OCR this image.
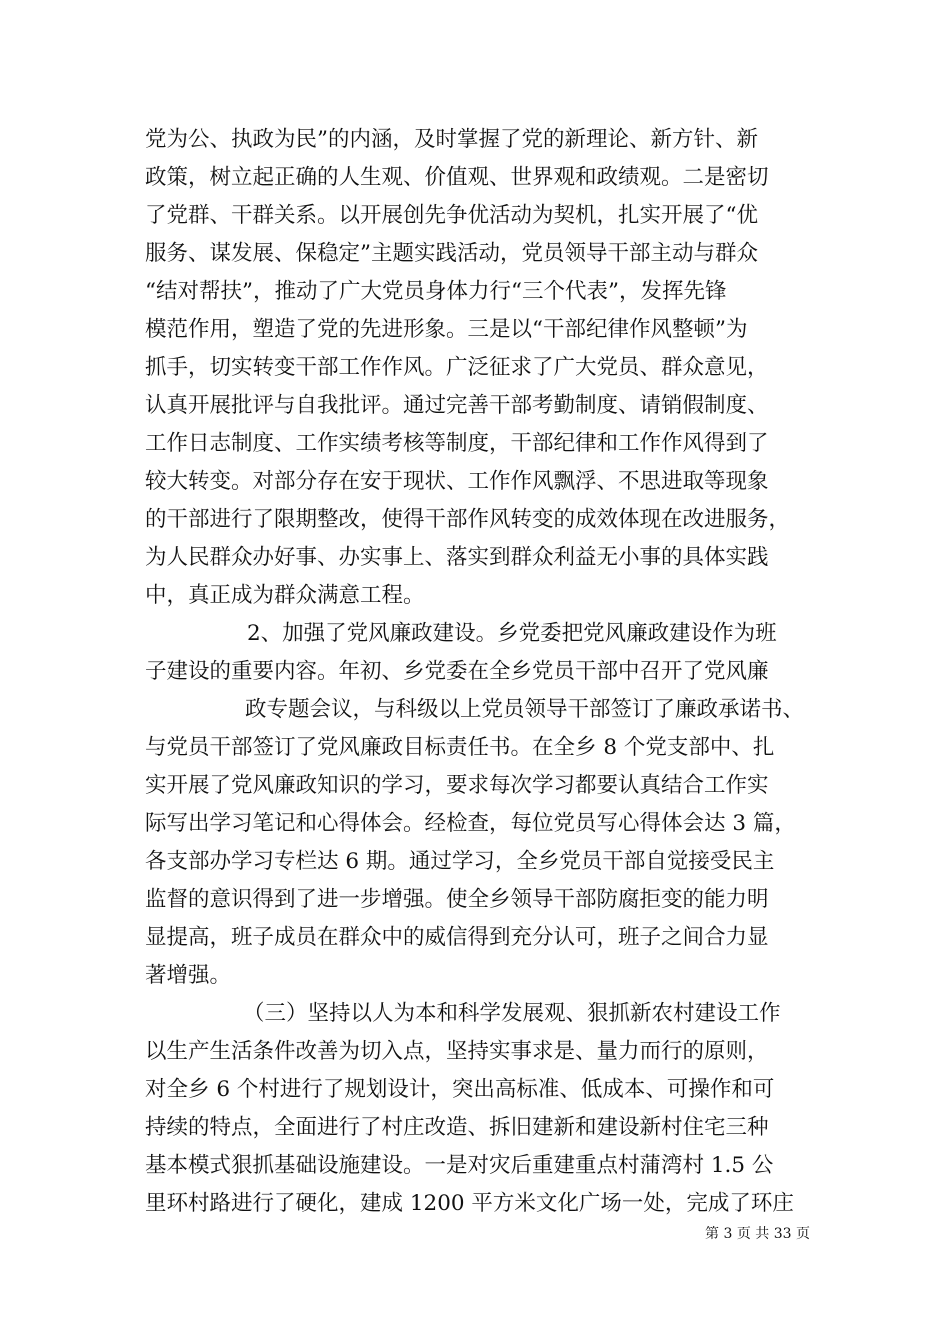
党为公、执政为民”的内涵，及时掌握了党的新理论、新方针、新
政策，树立起正确的人生观、价值观、世界观和政绩观。二是密切
了党群、干群关系。以开展创先争优活动为契机，扎实开展了“优
服务、谋发展、保稳定”主题实践活动，党员领导干部主动与群众
“结对帮扶”，推动了广大党员身体力行“三个代表”，发挥先锋
模范作用，塑造了党的先进形象。三是以“干部纪律作风整顿”为
抓手，切实转变干部工作作风。广泛征求了广大党员、群众意见，
认真开展批评与自我批评。通过完善干部考勤制度、请销假制度、
工作日志制度、工作实绩考核等制度，干部纪律和工作作风得到了
较大转变。对部分存在安于现状、工作作风飘浮、不思进取等现象
的干部进行了限期整改，使得干部作风转变的成效体现在改进服务，
为人民群众办好事、办实事上、落实到群众利益无小事的具体实践
中，真正成为群众满意工程。
2、加强了党风廉政建设。乡党委把党风廉政建设作为班
子建设的重要内容。年初、乡党委在全乡党员干部中召开了党风廉
政专题会议，与科级以上党员领导干部签订了廉政承诺书、
与党员干部签订了党风廉政目标责任书。在全乡 8 个党支部中、扎
实开展了党风廉政知识的学习，要求每次学习都要认真结合工作实
际写出学习笔记和心得体会。经检查，每位党员写心得体会达 3 篇，
各支部办学习专栏达 6 期。通过学习，全乡党员干部自觉接受民主
监督的意识得到了进一步增强。使全乡领导干部防腐拒变的能力明
显提高，班子成员在群众中的威信得到充分认可，班子之间合力显
著增强。
（三）坚持以人为本和科学发展观、狠抓新农村建设工作
以生产生活条件改善为切入点，坚持实事求是、量力而行的原则，
对全乡 6 个村进行了规划设计，突出高标准、低成本、可操作和可
持续的特点，全面进行了村庄改造、拆旧建新和建设新村住宅三种
基本模式狠抓基础设施建设。一是对灾后重建重点村蒲湾村 1.5 公
里环村路进行了硬化，建成 1200 平方米文化广场一处，完成了环庄
第 3 页 共 33 页
